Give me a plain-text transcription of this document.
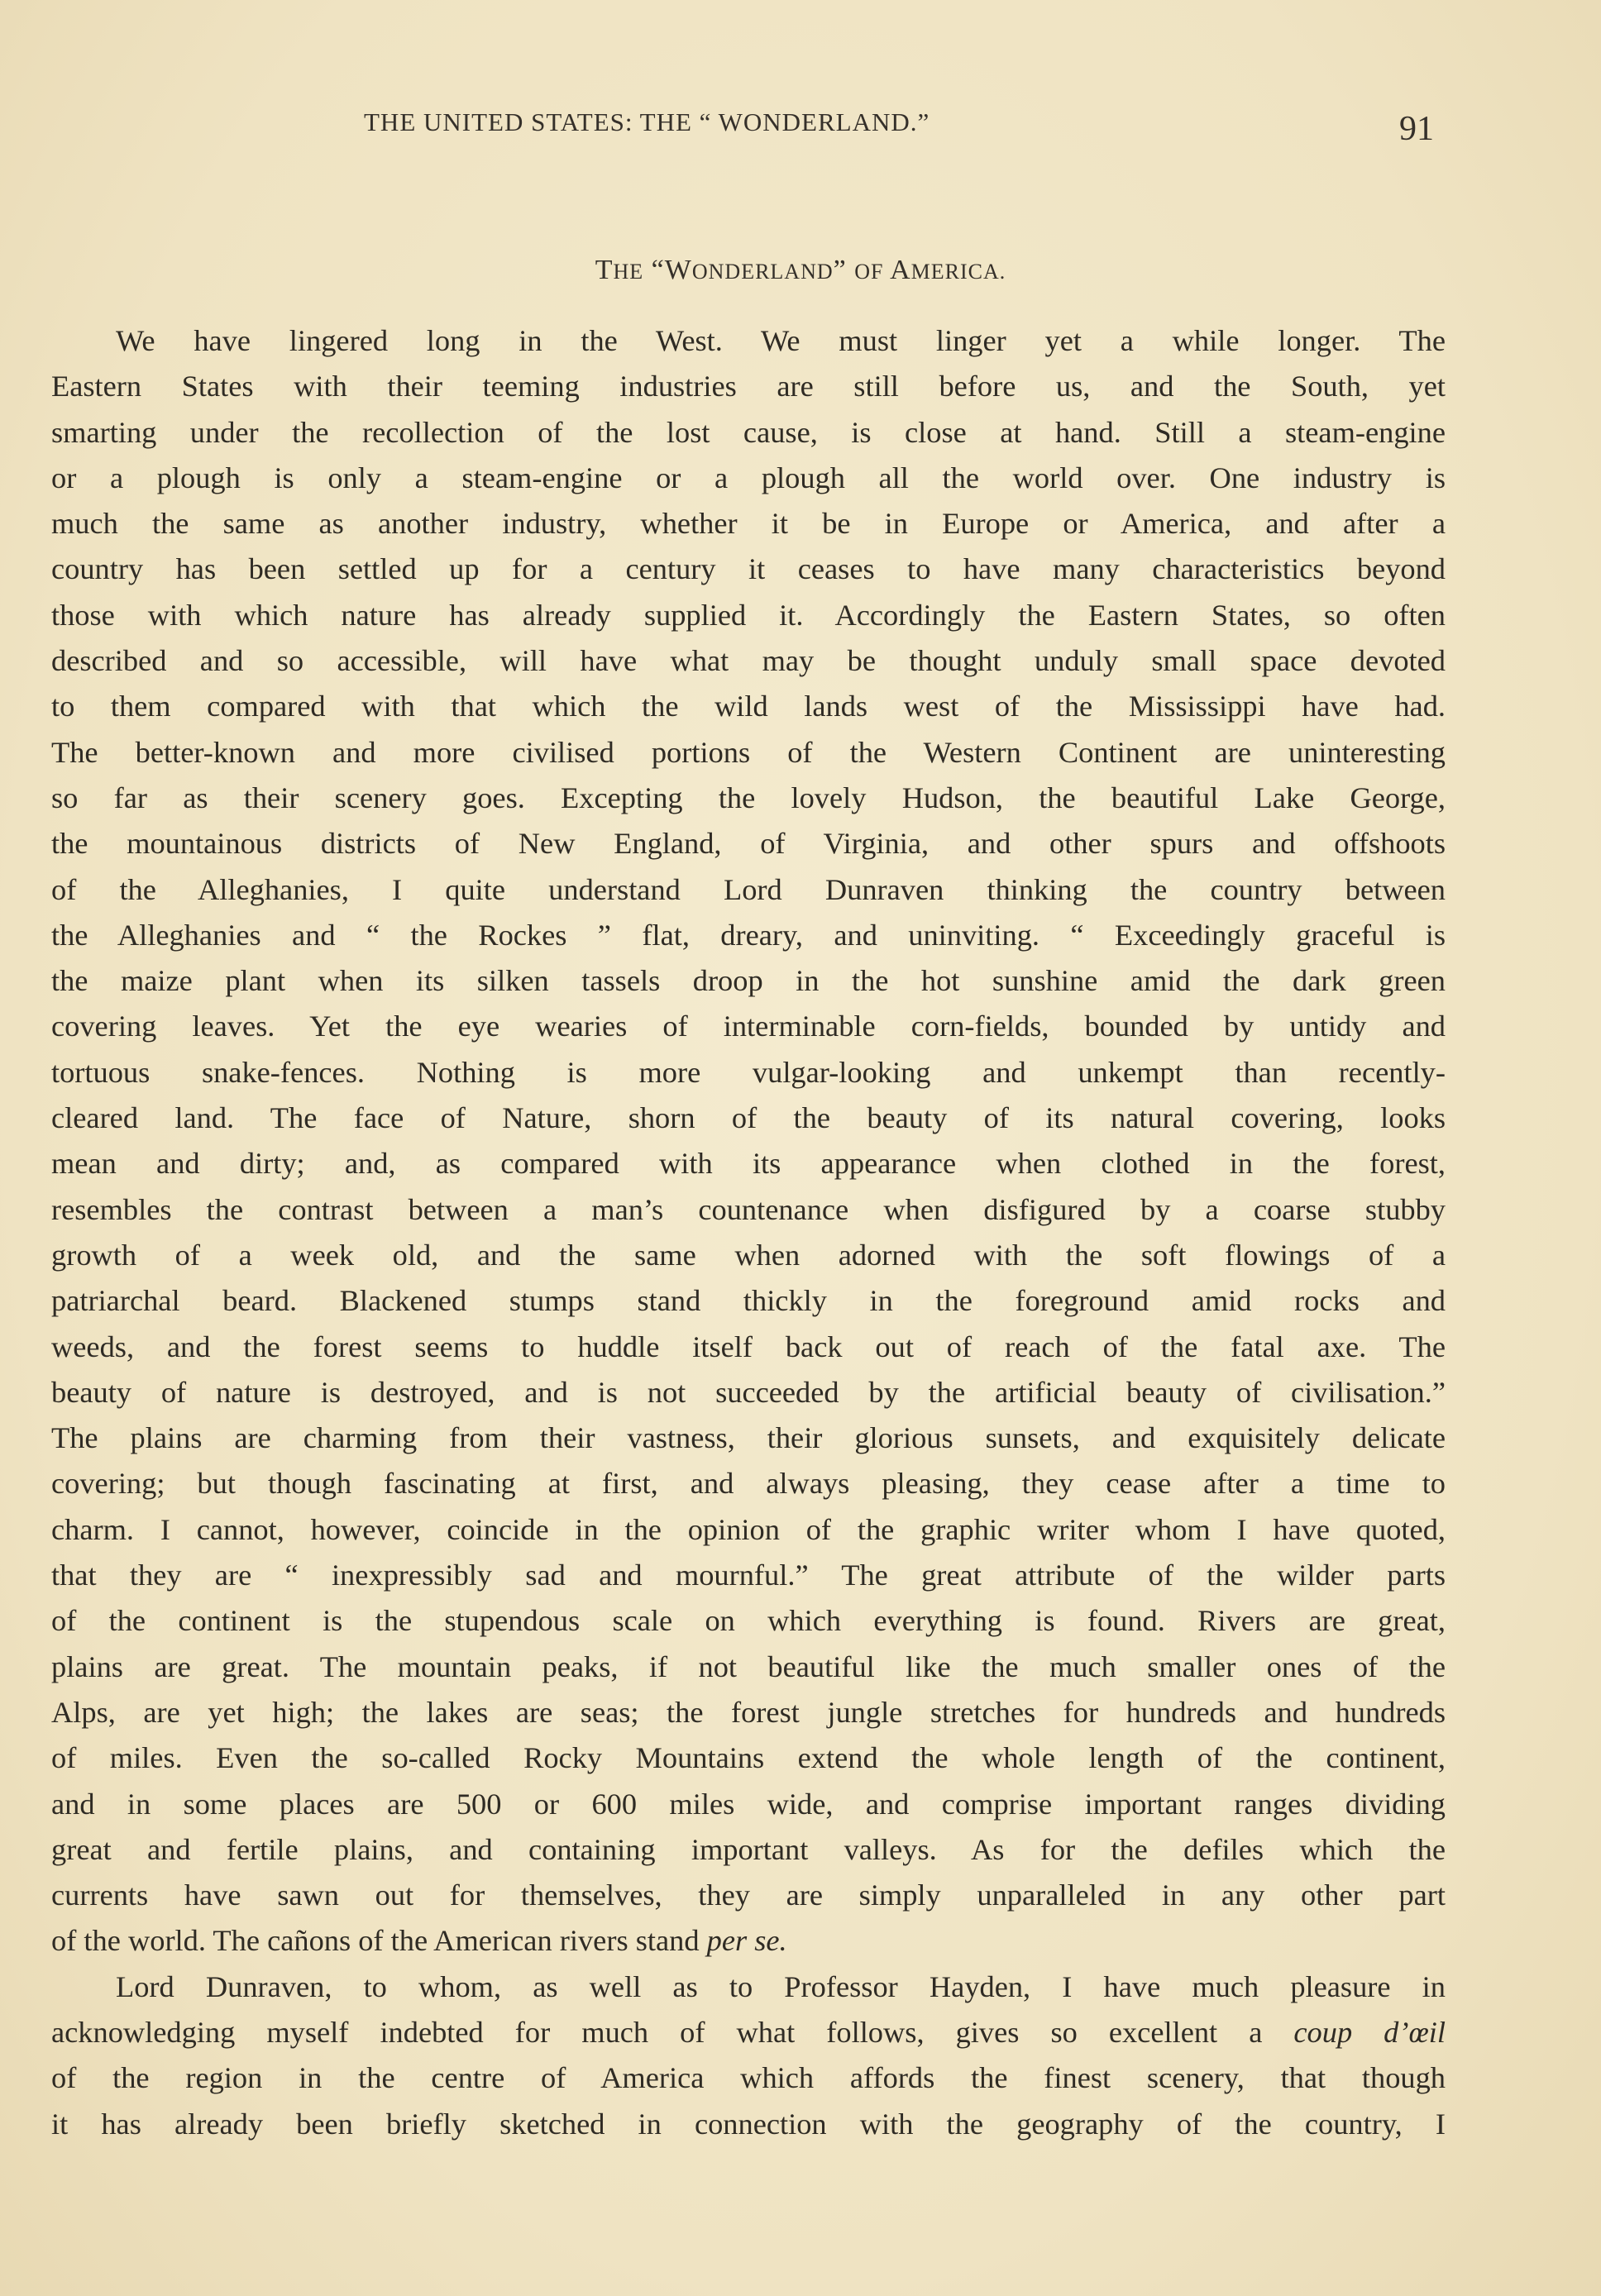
THE UNITED STATES: THE “ WONDERLAND.”	91
THE “WONDERLAND” OF AMERICA.
We have lingered long in the West. We must linger yet a while longer. The
Eastern States with their teeming industries are still before us, and the South, yet
smarting under the recollection of the lost cause, is close at hand. Still a steam-engine
or a plough is only a steam-engine or a plough all the world over. One industry is
much the same as another industry, whether it be in Europe or America, and after a
country has been settled up for a century it ceases to have many characteristics beyond
those with which nature has already supplied it. Accordingly the Eastern States, so often
described and so accessible, will have what may be thought unduly small space devoted
to them compared with that which the wild lands west of the Mississippi have had.
The better-known and more civilised portions of the Western Continent are uninteresting
so far as their scenery goes. Excepting the lovely Hudson, the beautiful Lake George,
the mountainous districts of New England, of Virginia, and other spurs and offshoots
of the Alleghanies, I quite understand Lord Dunraven thinking the country between
the Alleghanies and “ the Rockes ” flat, dreary, and uninviting. “ Exceedingly graceful is
the maize plant when its silken tassels droop in the hot sunshine amid the dark green
covering leaves. Yet the eye wearies of interminable corn-fields, bounded by untidy and
tortuous snake-fences. Nothing is more vulgar-looking and unkempt than recently-
cleared land. The face of Nature, shorn of the beauty of its natural covering, looks
mean and dirty; and, as compared with its appearance when clothed in the forest,
resembles the contrast between a man’s countenance when disfigured by a coarse stubby
growth of a week old, and the same when adorned with the soft flowings of a
patriarchal beard. Blackened stumps stand thickly in the foreground amid rocks and
weeds, and the forest seems to huddle itself back out of reach of the fatal axe. The
beauty of nature is destroyed, and is not succeeded by the artificial beauty of civilisation.”
The plains are charming from their vastness, their glorious sunsets, and exquisitely delicate
covering; but though fascinating at first, and always pleasing, they cease after a time to
charm. I cannot, however, coincide in the opinion of the graphic writer whom I have quoted,
that they are “ inexpressibly sad and mournful.” The great attribute of the wilder parts
of the continent is the stupendous scale on which everything is found. Rivers are great,
plains are great. The mountain peaks, if not beautiful like the much smaller ones of the
Alps, are yet high; the lakes are seas; the forest jungle stretches for hundreds and hundreds
of miles. Even the so-called Rocky Mountains extend the whole length of the continent,
and in some places are 500 or 600 miles wide, and comprise important ranges dividing
great and fertile plains, and containing important valleys. As for the defiles which the
currents have sawn out for themselves, they are simply unparalleled in any other part
of the world. The cañons of the American rivers stand per se.
Lord Dunraven, to whom, as well as to Professor Hayden, I have much pleasure in
acknowledging myself indebted for much of what follows, gives so excellent a coup d’œil
of the region in the centre of America which affords the finest scenery, that though
it has already been briefly sketched in connection with the geography of the country, I
